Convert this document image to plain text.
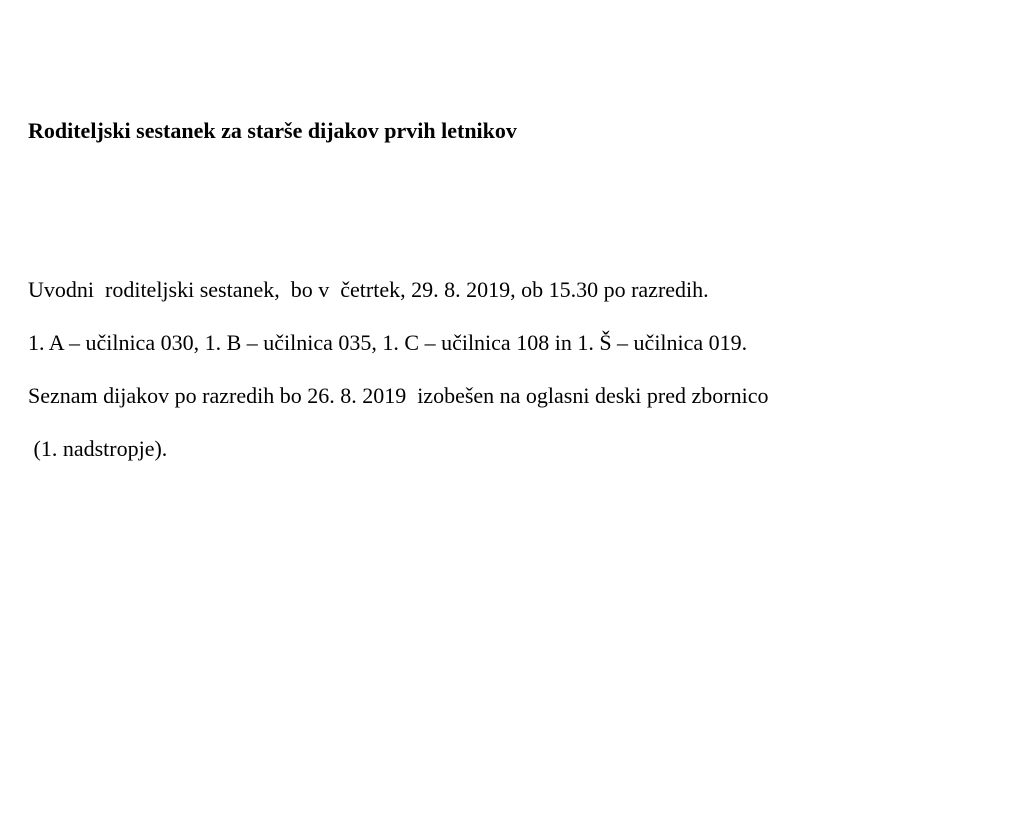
Roditeljski sestanek za starše dijakov prvih letnikov

Uvodni  roditeljski sestanek,  bo v  četrtek, 29. 8. 2019, ob 15.30 po razredih.

1. A – učilnica 030, 1. B – učilnica 035, 1. C – učilnica 108 in 1. Š – učilnica 019.

Seznam dijakov po razredih bo 26. 8. 2019  izobešen na oglasni deski pred zbornico

(1. nadstropje).
